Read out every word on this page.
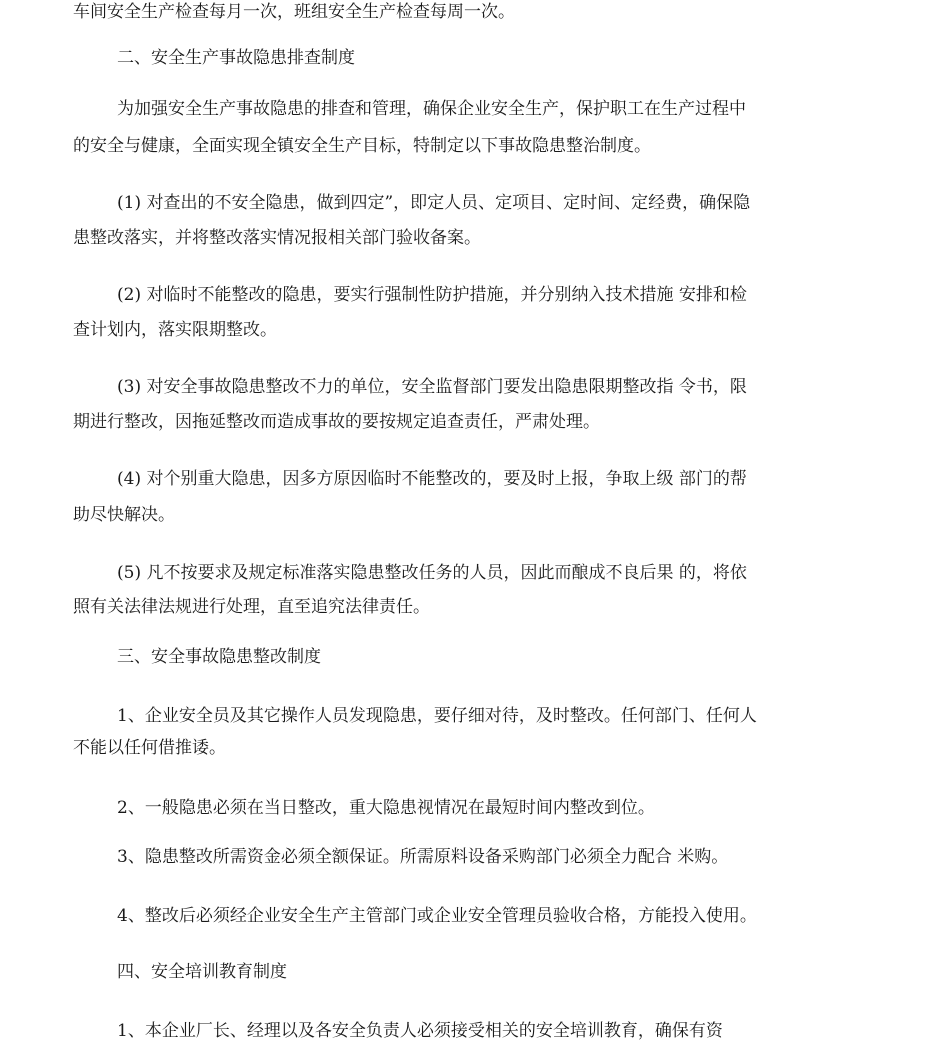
车间安全生产检查每月一次，班组安全生产检查每周一次。
二、安全生产事故隐患排查制度
为加强安全生产事故隐患的排查和管理，确保企业安全生产，保护职工在生产过程中
的安全与健康，全面实现全镇安全生产目标，特制定以下事故隐患整治制度。
(1) 对查出的不安全隐患，做到四定”，即定人员、定项目、定时间、定经费，确保隐
患整改落实，并将整改落实情况报相关部门验收备案。
(2) 对临时不能整改的隐患，要实行强制性防护措施，并分别纳入技术措施 安排和检
查计划内，落实限期整改。
(3) 对安全事故隐患整改不力的单位，安全监督部门要发出隐患限期整改指 令书，限
期进行整改，因拖延整改而造成事故的要按规定追查责任，严肃处理。
(4) 对个别重大隐患，因多方原因临时不能整改的，要及时上报，争取上级 部门的帮
助尽快解决。
(5) 凡不按要求及规定标准落实隐患整改任务的人员，因此而酿成不良后果 的，将依
照有关法律法规进行处理，直至追究法律责任。
三、安全事故隐患整改制度
1、企业安全员及其它操作人员发现隐患，要仔细对待，及时整改。任何部门、任何人
不能以任何借推诿。
2、一般隐患必须在当日整改，重大隐患视情况在最短时间内整改到位。
3、隐患整改所需资金必须全额保证。所需原料设备采购部门必须全力配合 米购。
4、整改后必须经企业安全生产主管部门或企业安全管理员验收合格，方能投入使用。
四、安全培训教育制度
1、本企业厂长、经理以及各安全负责人必须接受相关的安全培训教育，确保有资
